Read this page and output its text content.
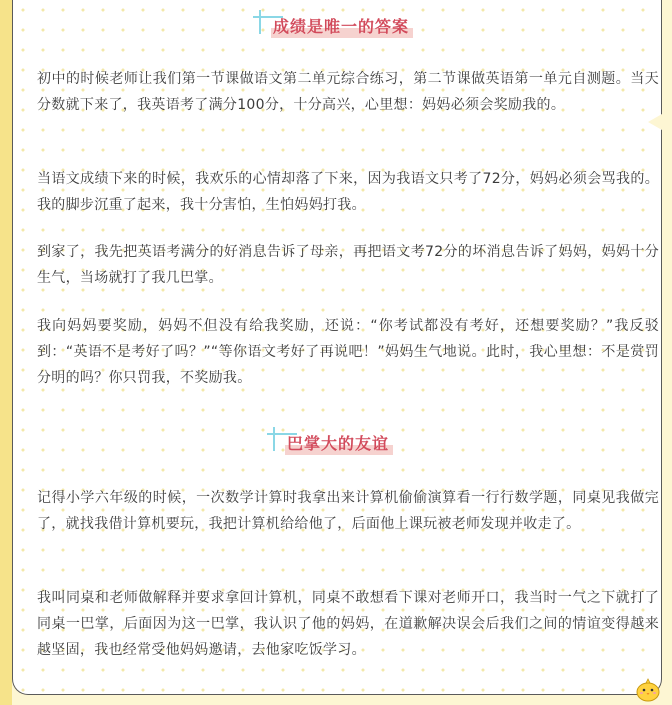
成绩是唯一的答案

初中的时候老师让我们第一节课做语文第二单元综合练习，第二节课做英语第一单元自测题。当天分数就下来了，我英语考了满分100分，十分高兴，心里想：妈妈必须会奖励我的。

当语文成绩下来的时候，我欢乐的心情却落了下来，因为我语文只考了72分，妈妈必须会骂我的。我的脚步沉重了起来，我十分害怕，生怕妈妈打我。

到家了，我先把英语考满分的好消息告诉了母亲，再把语文考72分的坏消息告诉了妈妈，妈妈十分生气，当场就打了我几巴掌。

我向妈妈要奖励，妈妈不但没有给我奖励，还说：“你考试都没有考好，还想要奖励？”我反驳到：“英语不是考好了吗？”“等你语文考好了再说吧！”妈妈生气地说。此时，我心里想：不是赏罚分明的吗？你只罚我，不奖励我。

巴掌大的友谊

记得小学六年级的时候，一次数学计算时我拿出来计算机偷偷演算看一行行数学题，同桌见我做完了，就找我借计算机要玩，我把计算机给给他了，后面他上课玩被老师发现并收走了。

我叫同桌和老师做解释并要求拿回计算机，同桌不敢想看下课对老师开口，我当时一气之下就打了同桌一巴掌，后面因为这一巴掌，我认识了他的妈妈，在道歉解决误会后我们之间的情谊变得越来越坚固，我也经常受他妈妈邀请，去他家吃饭学习。
